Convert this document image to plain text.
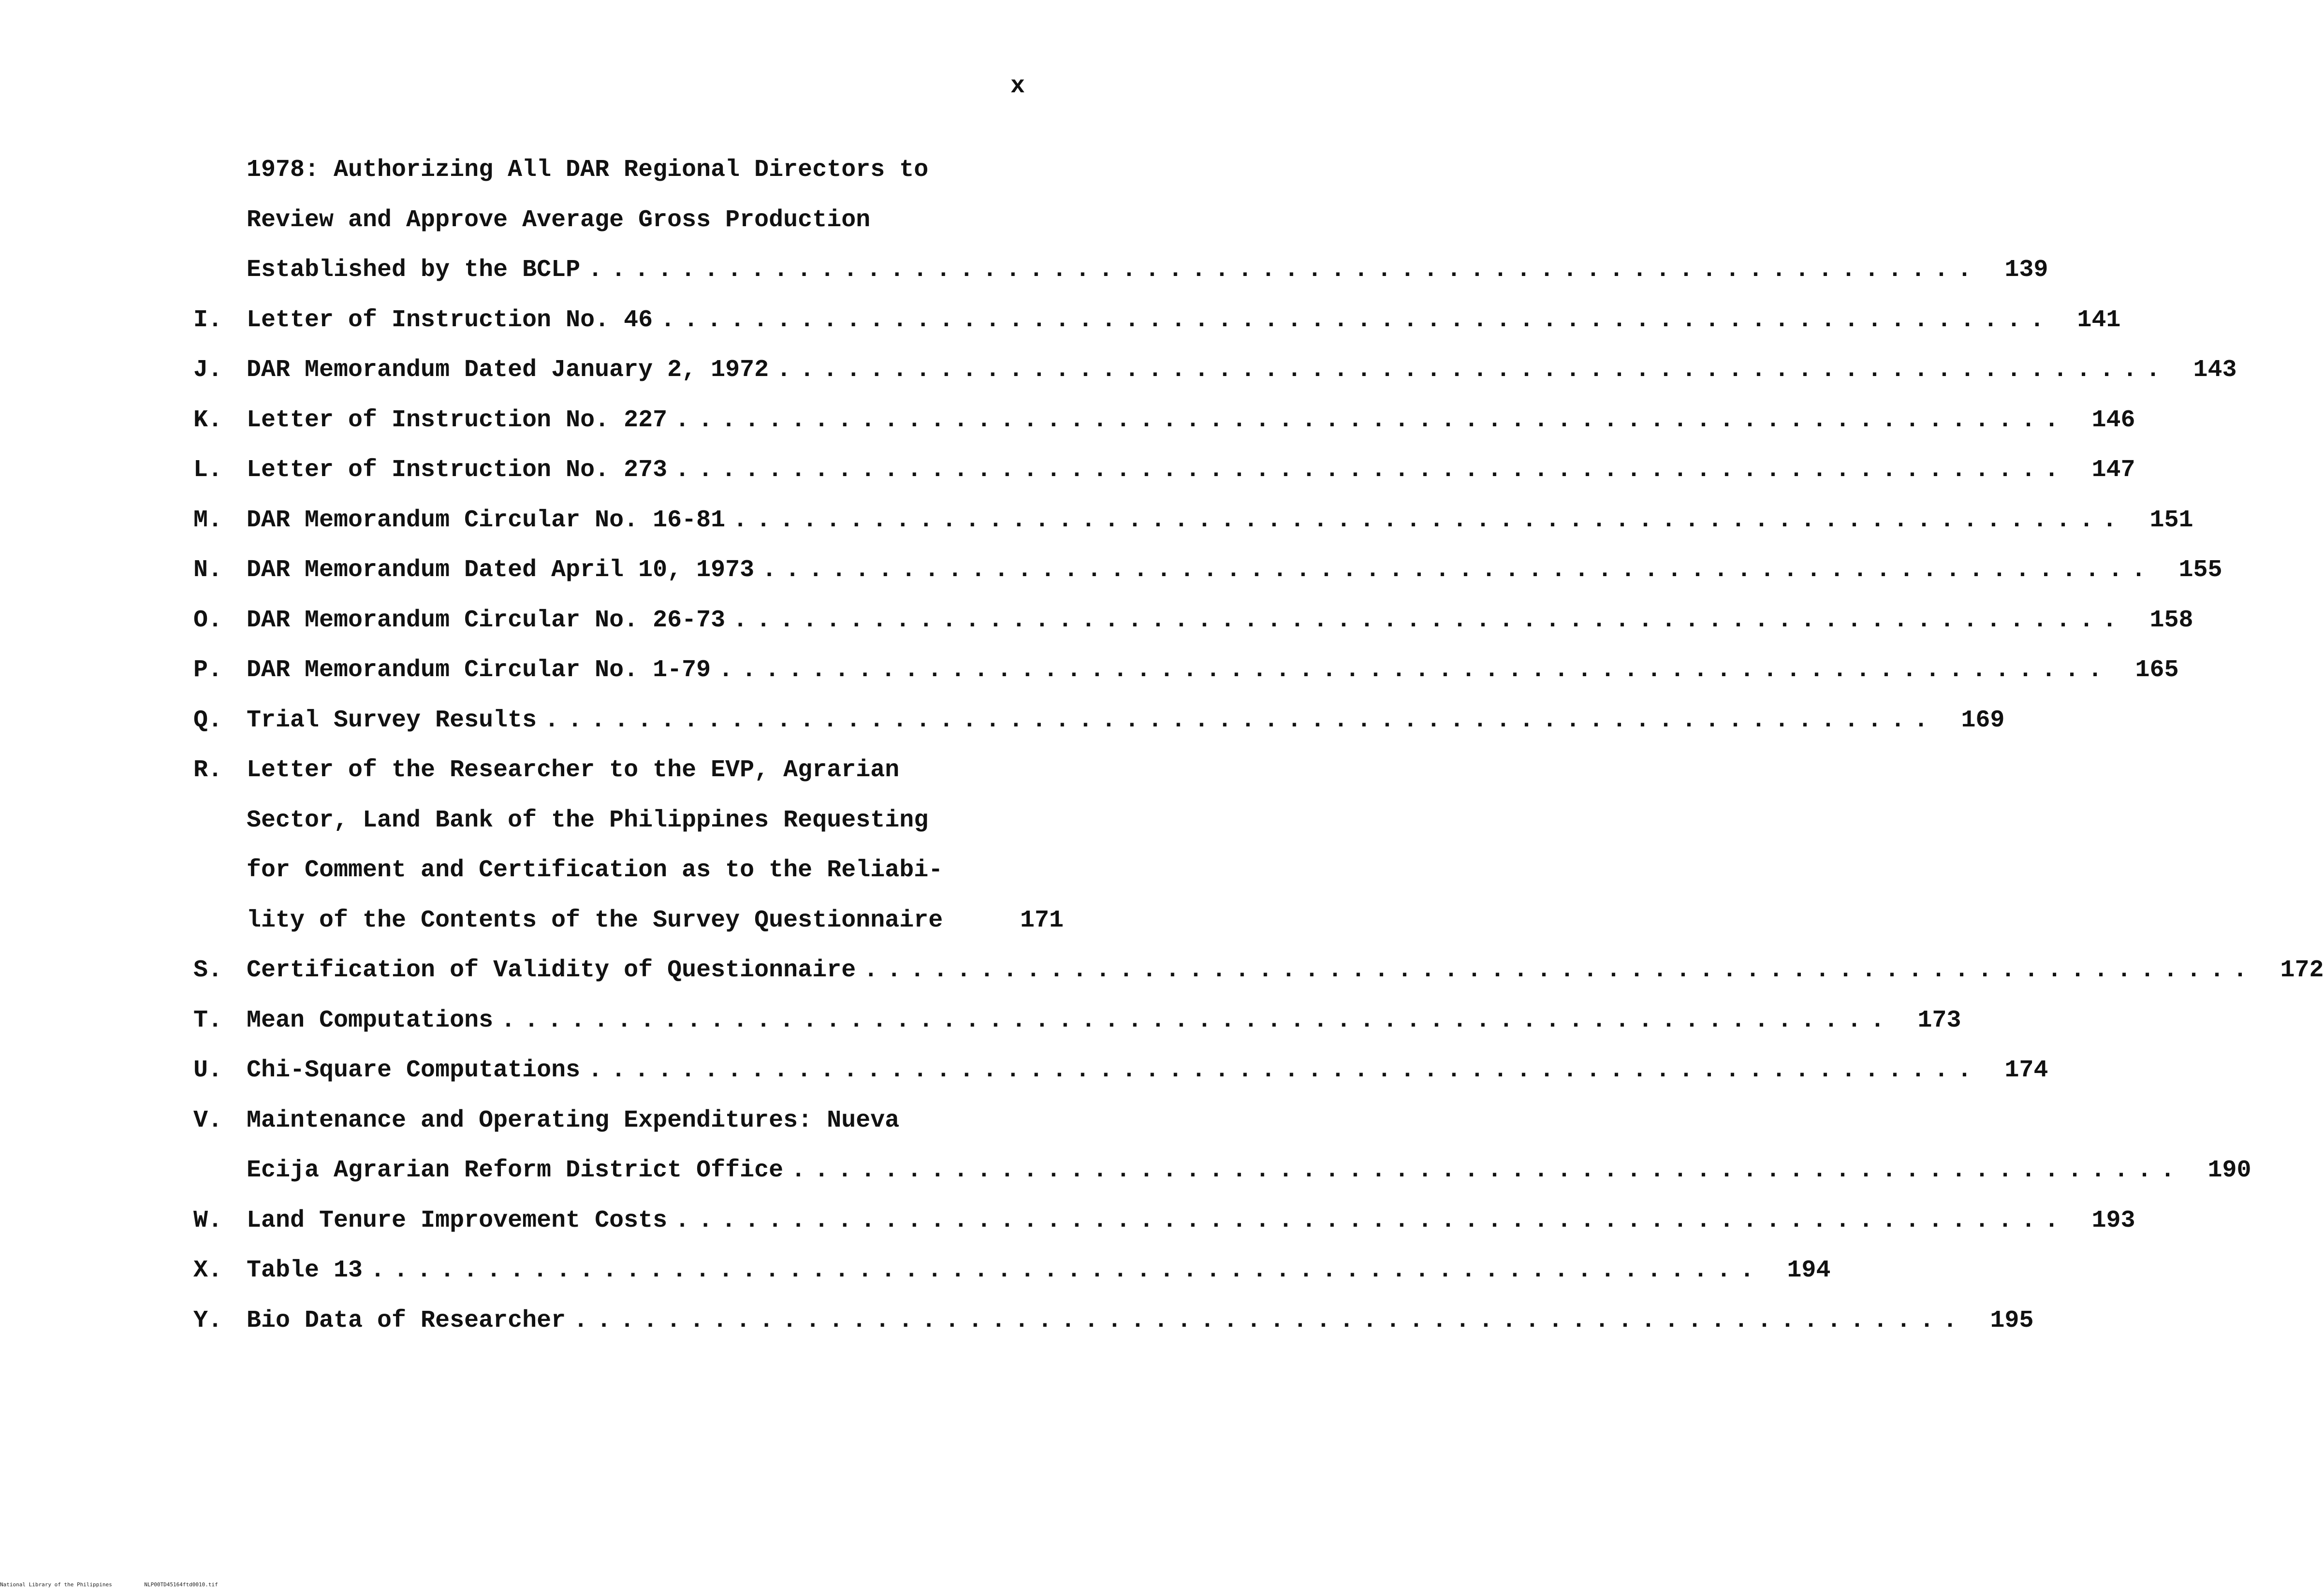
x
1978: Authorizing All DAR Regional Directors to
Review and Approve Average Gross Production
Established by the BCLP ............................................................ 139
I. Letter of Instruction No. 46 ............................................................ 141
J. DAR Memorandum Dated January 2, 1972 ............................................................ 143
K. Letter of Instruction No. 227 ............................................................ 146
L. Letter of Instruction No. 273 ............................................................ 147
M. DAR Memorandum Circular No. 16-81 ............................................................ 151
N. DAR Memorandum Dated April 10, 1973 ............................................................ 155
O. DAR Memorandum Circular No. 26-73 ............................................................ 158
P. DAR Memorandum Circular No. 1-79 ............................................................ 165
Q. Trial Survey Results ............................................................ 169
R. Letter of the Researcher to the EVP, Agrarian
Sector, Land Bank of the Philippines Requesting
for Comment and Certification as to the Reliabi-
lity of the Contents of the Survey Questionnaire	171
S. Certification of Validity of Questionnaire ............................................................ 172
T. Mean Computations ............................................................ 173
U. Chi-Square Computations ............................................................ 174
V. Maintenance and Operating Expenditures: Nueva
Ecija Agrarian Reform District Office ............................................................ 190
W. Land Tenure Improvement Costs ............................................................ 193
X. Table 13 ............................................................ 194
Y. Bio Data of Researcher ............................................................ 195
National Library of the Philippines	NLP00TD45164ftd0010.tif
